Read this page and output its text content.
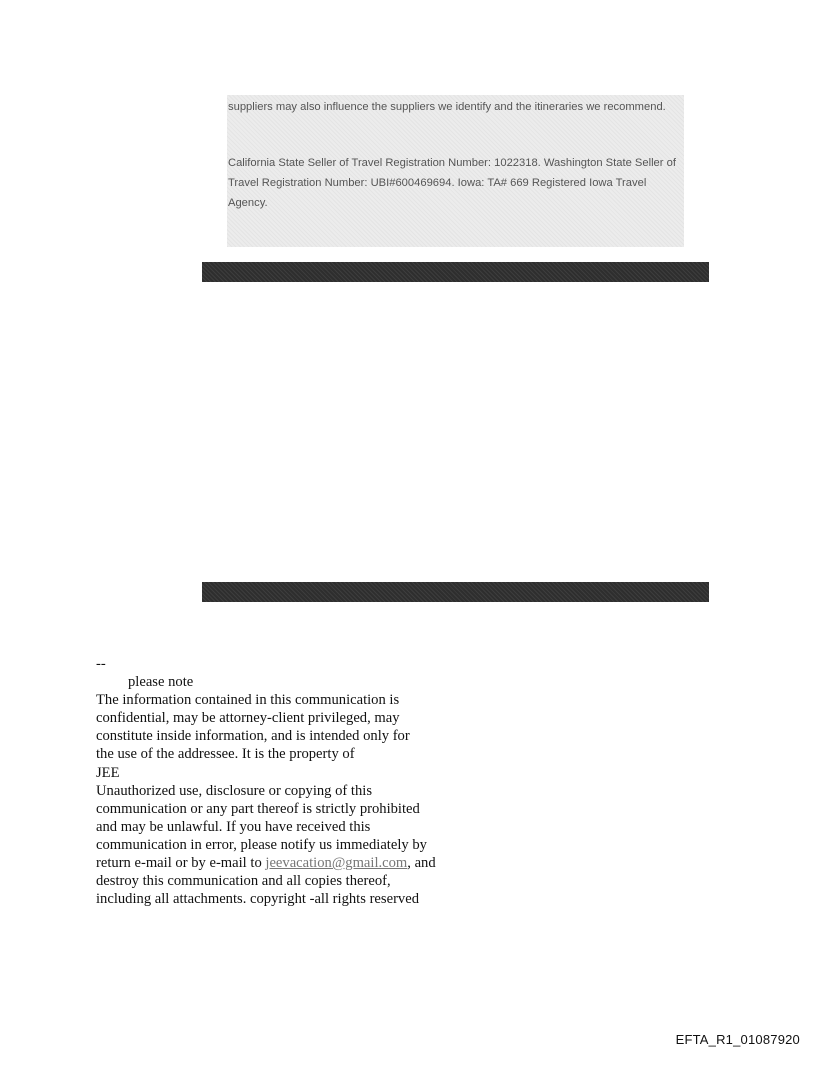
suppliers may also influence the suppliers we identify and the itineraries we recommend.

California State Seller of Travel Registration Number: 1022318. Washington State Seller of Travel Registration Number: UBI#600469694. Iowa: TA# 669 Registered Iowa Travel Agency.

--
please note
The information contained in this communication is
confidential, may be attorney-client privileged, may
constitute inside information, and is intended only for
the use of the addressee. It is the property of
JEE
Unauthorized use, disclosure or copying of this
communication or any part thereof is strictly prohibited
and may be unlawful. If you have received this
communication in error, please notify us immediately by
return e-mail or by e-mail to jeevacation@gmail.com, and
destroy this communication and all copies thereof,
including all attachments. copyright -all rights reserved
EFTA_R1_01087920
